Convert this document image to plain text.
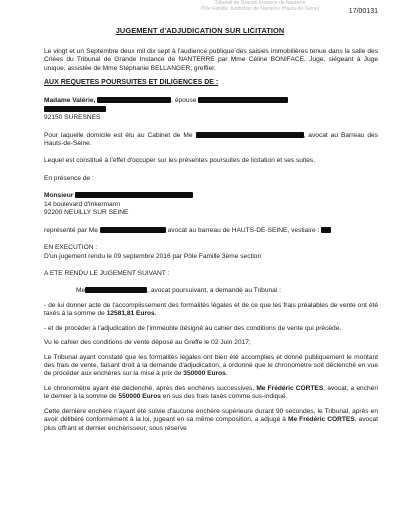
Tribunal de Grande Instance de Nanterre
Pôle Famille Juridiction de Nanterre (Hauts-de-Seine)	17/00131
JUGEMENT d'ADJUDICATION SUR LICITATION

Le vingt et un Septembre deux mil dix sept à l'audience publique des saisies immobilières tenue dans la salle des Criées du Tribunal de Grande Instance de NANTERRE par Mme Céline BONIFACE, Juge, siégeant à Juge unique, assistée de Mme Stéphanie BELLANGER, greffier.

AUX REQUETES POURSUITES ET DILIGENCES DE :

Madame Valérie,	, épouse

92150 SURESNES

Pour laquelle domicile est élu au Cabinet de Me	, avocat au Barreau des Hauts-de-Seine.

Lequel est constitué à l'effet d'occuper sur les présentes poursuites de licitation et ses suites.

En présence de :

Monsieur

14 boulevard d'Inkermann

92200 NEUILLY SUR SEINE

représenté par Me	avocat au barreau de HAUTS-DE-SEINE, vestiaire :

EN EXECUTION :

D'un jugement rendu le 09 septembre 2016 par Pôle Famille 3ème section

A ETE RENDU LE JUGEMENT SUIVANT :

Me	, avocat poursuivant, a demandé au Tribunal :

- de lui donner acte de l'accomplissement des formalités légales et de ce que les frais préalables de vente ont été taxés à la somme de 12581,81 Euros.

- et de procéder à l'adjudication de l'immeuble désigné au cahier des conditions de vente qui précède.

Vu le cahier des conditions de vente déposé au Greffe le 02 Juin 2017;

Le Tribunal ayant constaté que les formalités légales ont bien été accomplies et donné publiquement le montant des frais de vente, faisant droit à la demande d'adjudication, a ordonné que le chronomètre soit déclenché en vue de procéder aux enchères sur la mise à prix de 350000 Euros.

Le chronomètre ayant été déclenché, après des enchères successives, Me Frédéric CORTES, avocat, a enchéri le dernier à la somme de 550000 Euros en sus des frais taxés comme sus-indiqué.

Cette dernière enchère n'ayant été suivie d'aucune enchère supérieure durant 90 secondes, le Tribunal, après en avoir délibéré conformément à la loi, jugeant en sa même composition, a adjugé à Me Frédéric CORTES, avocat plus offrant et dernier enchérisseur, sous réserve
